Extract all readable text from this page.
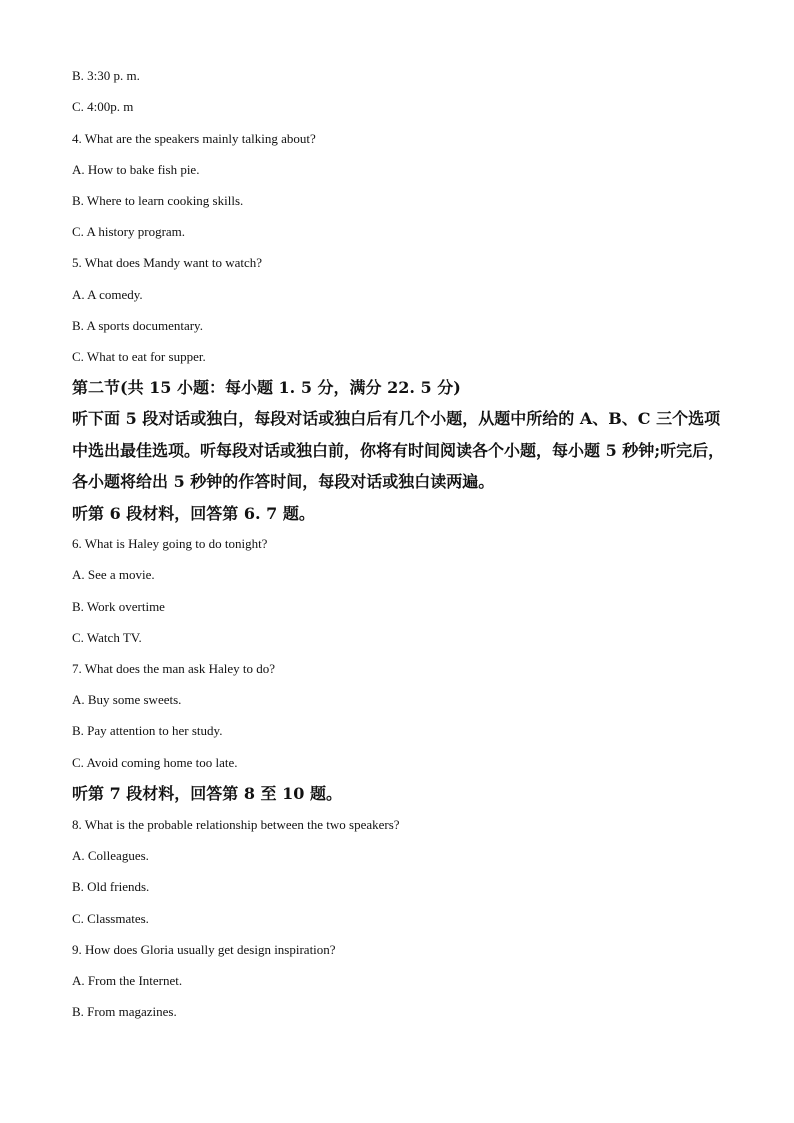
B. 3:30 p. m.
C. 4:00p. m
4. What are the speakers mainly talking about?
A. How to bake fish pie.
B. Where to learn cooking skills.
C. A history program.
5. What does Mandy want to watch?
A. A comedy.
B. A sports documentary.
C. What to eat for supper.
第二节(共 15 小题：每小题 1. 5 分，满分 22. 5 分)
听下面 5 段对话或独白，每段对话或独白后有几个小题，从题中所给的 A、B、C 三个选项
中选出最佳选项。听每段对话或独白前，你将有时间阅读各个小题，每小题 5 秒钟;听完后，
各小题将给出 5 秒钟的作答时间，每段对话或独白读两遍。
听第 6 段材料，回答第 6. 7 题。
6. What is Haley going to do tonight?
A. See a movie.
B. Work overtime
C. Watch TV.
7. What does the man ask Haley to do?
A. Buy some sweets.
B. Pay attention to her study.
C. Avoid coming home too late.
听第 7 段材料，回答第 8 至 10 题。
8. What is the probable relationship between the two speakers?
A. Colleagues.
B. Old friends.
C. Classmates.
9. How does Gloria usually get design inspiration?
A. From the Internet.
B. From magazines.
